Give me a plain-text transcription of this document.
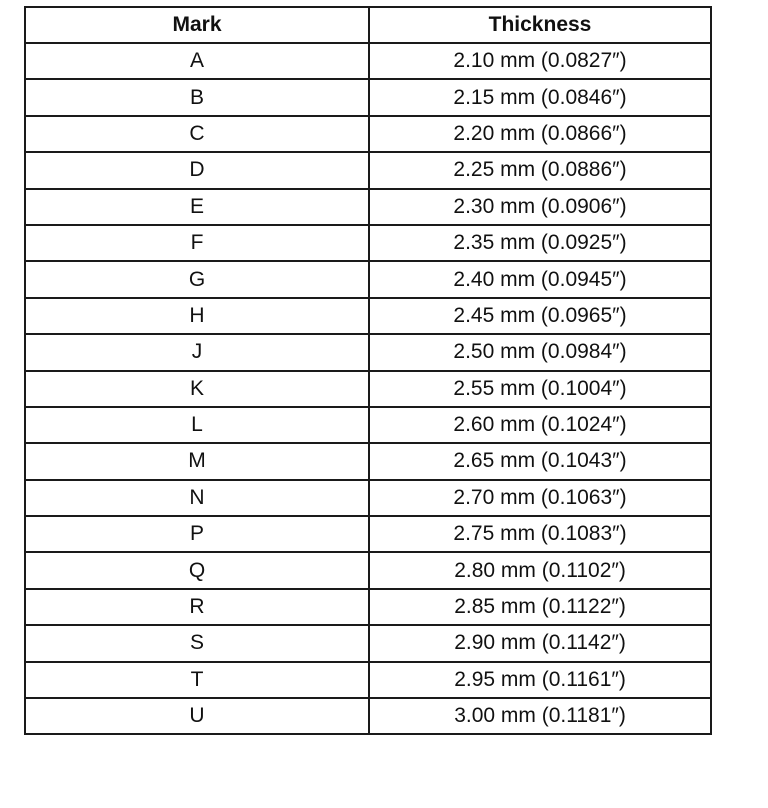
Mark	Thickness
A	2.10 mm (0.0827″)
B	2.15 mm (0.0846″)
C	2.20 mm (0.0866″)
D	2.25 mm (0.0886″)
E	2.30 mm (0.0906″)
F	2.35 mm (0.0925″)
G	2.40 mm (0.0945″)
H	2.45 mm (0.0965″)
J	2.50 mm (0.0984″)
K	2.55 mm (0.1004″)
L	2.60 mm (0.1024″)
M	2.65 mm (0.1043″)
N	2.70 mm (0.1063″)
P	2.75 mm (0.1083″)
Q	2.80 mm (0.1102″)
R	2.85 mm (0.1122″)
S	2.90 mm (0.1142″)
T	2.95 mm (0.1161″)
U	3.00 mm (0.1181″)
